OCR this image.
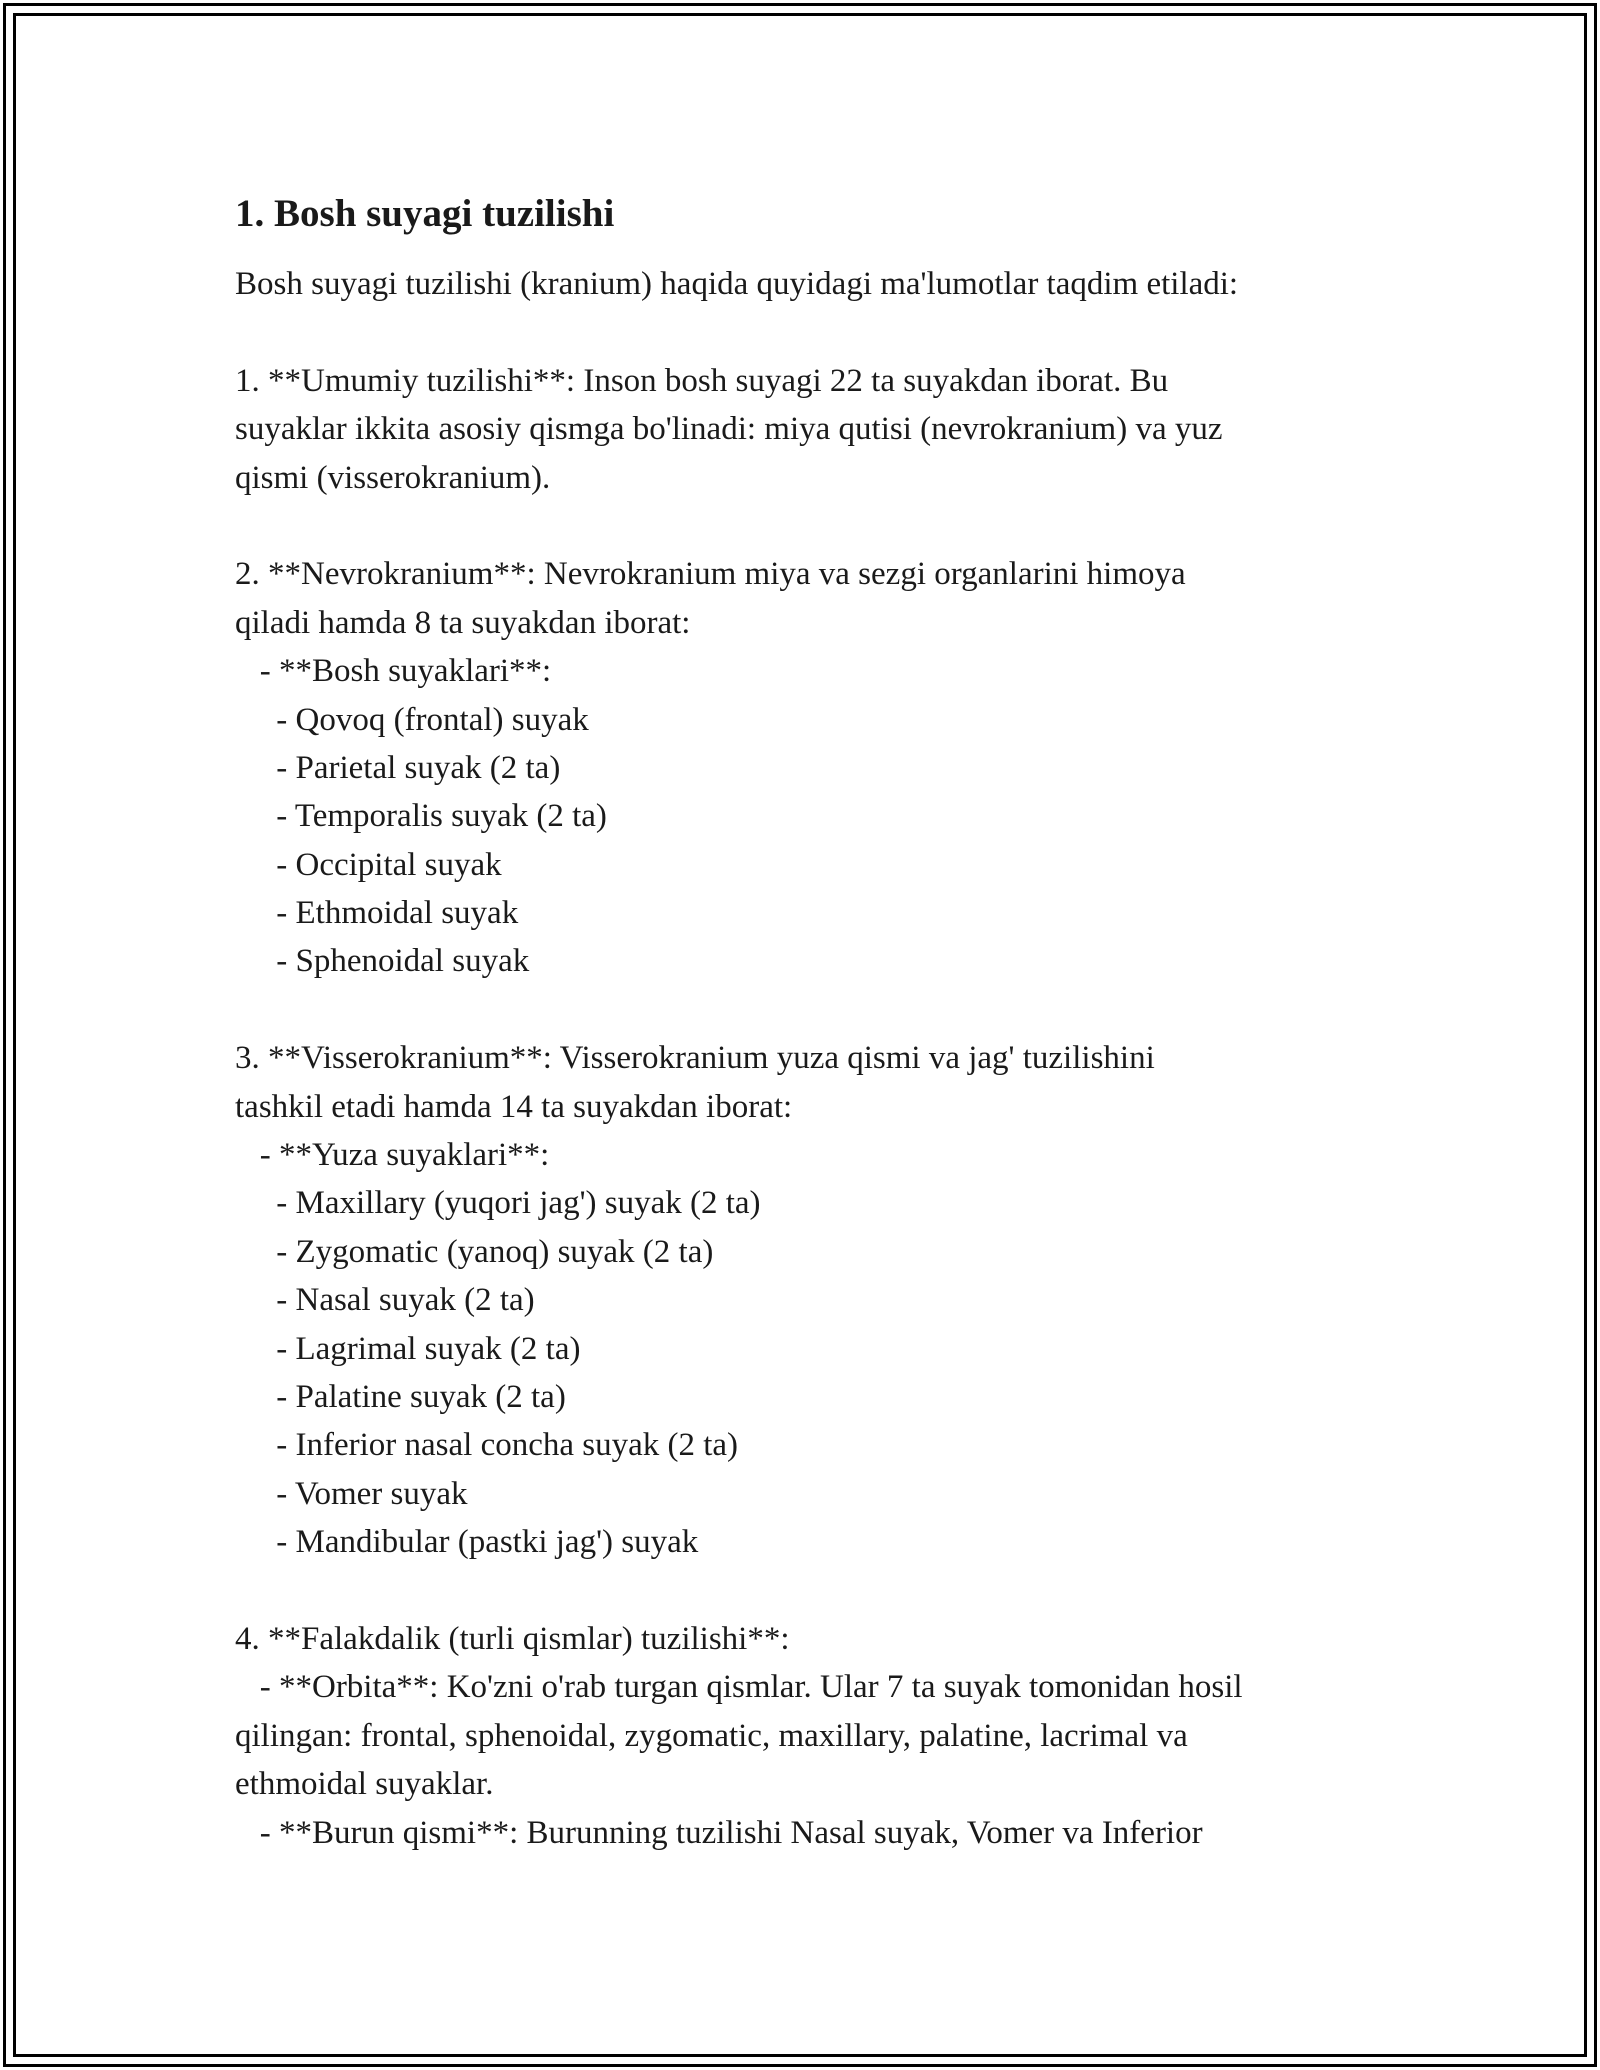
1. Bosh suyagi tuzilishi
Bosh suyagi tuzilishi (kranium) haqida quyidagi ma'lumotlar taqdim etiladi:
1. **Umumiy tuzilishi**: Inson bosh suyagi 22 ta suyakdan iborat. Bu
suyaklar ikkita asosiy qismga bo'linadi: miya qutisi (nevrokranium) va yuz
qismi (visserokranium).
2. **Nevrokranium**: Nevrokranium miya va sezgi organlarini himoya
qiladi hamda 8 ta suyakdan iborat:
- **Bosh suyaklari**:
- Qovoq (frontal) suyak
- Parietal suyak (2 ta)
- Temporalis suyak (2 ta)
- Occipital suyak
- Ethmoidal suyak
- Sphenoidal suyak
3. **Visserokranium**: Visserokranium yuza qismi va jag' tuzilishini
tashkil etadi hamda 14 ta suyakdan iborat:
- **Yuza suyaklari**:
- Maxillary (yuqori jag') suyak (2 ta)
- Zygomatic (yanoq) suyak (2 ta)
- Nasal suyak (2 ta)
- Lagrimal suyak (2 ta)
- Palatine suyak (2 ta)
- Inferior nasal concha suyak (2 ta)
- Vomer suyak
- Mandibular (pastki jag') suyak
4. **Falakdalik (turli qismlar) tuzilishi**:
- **Orbita**: Ko'zni o'rab turgan qismlar. Ular 7 ta suyak tomonidan hosil
qilingan: frontal, sphenoidal, zygomatic, maxillary, palatine, lacrimal va
ethmoidal suyaklar.
- **Burun qismi**: Burunning tuzilishi Nasal suyak, Vomer va Inferior
